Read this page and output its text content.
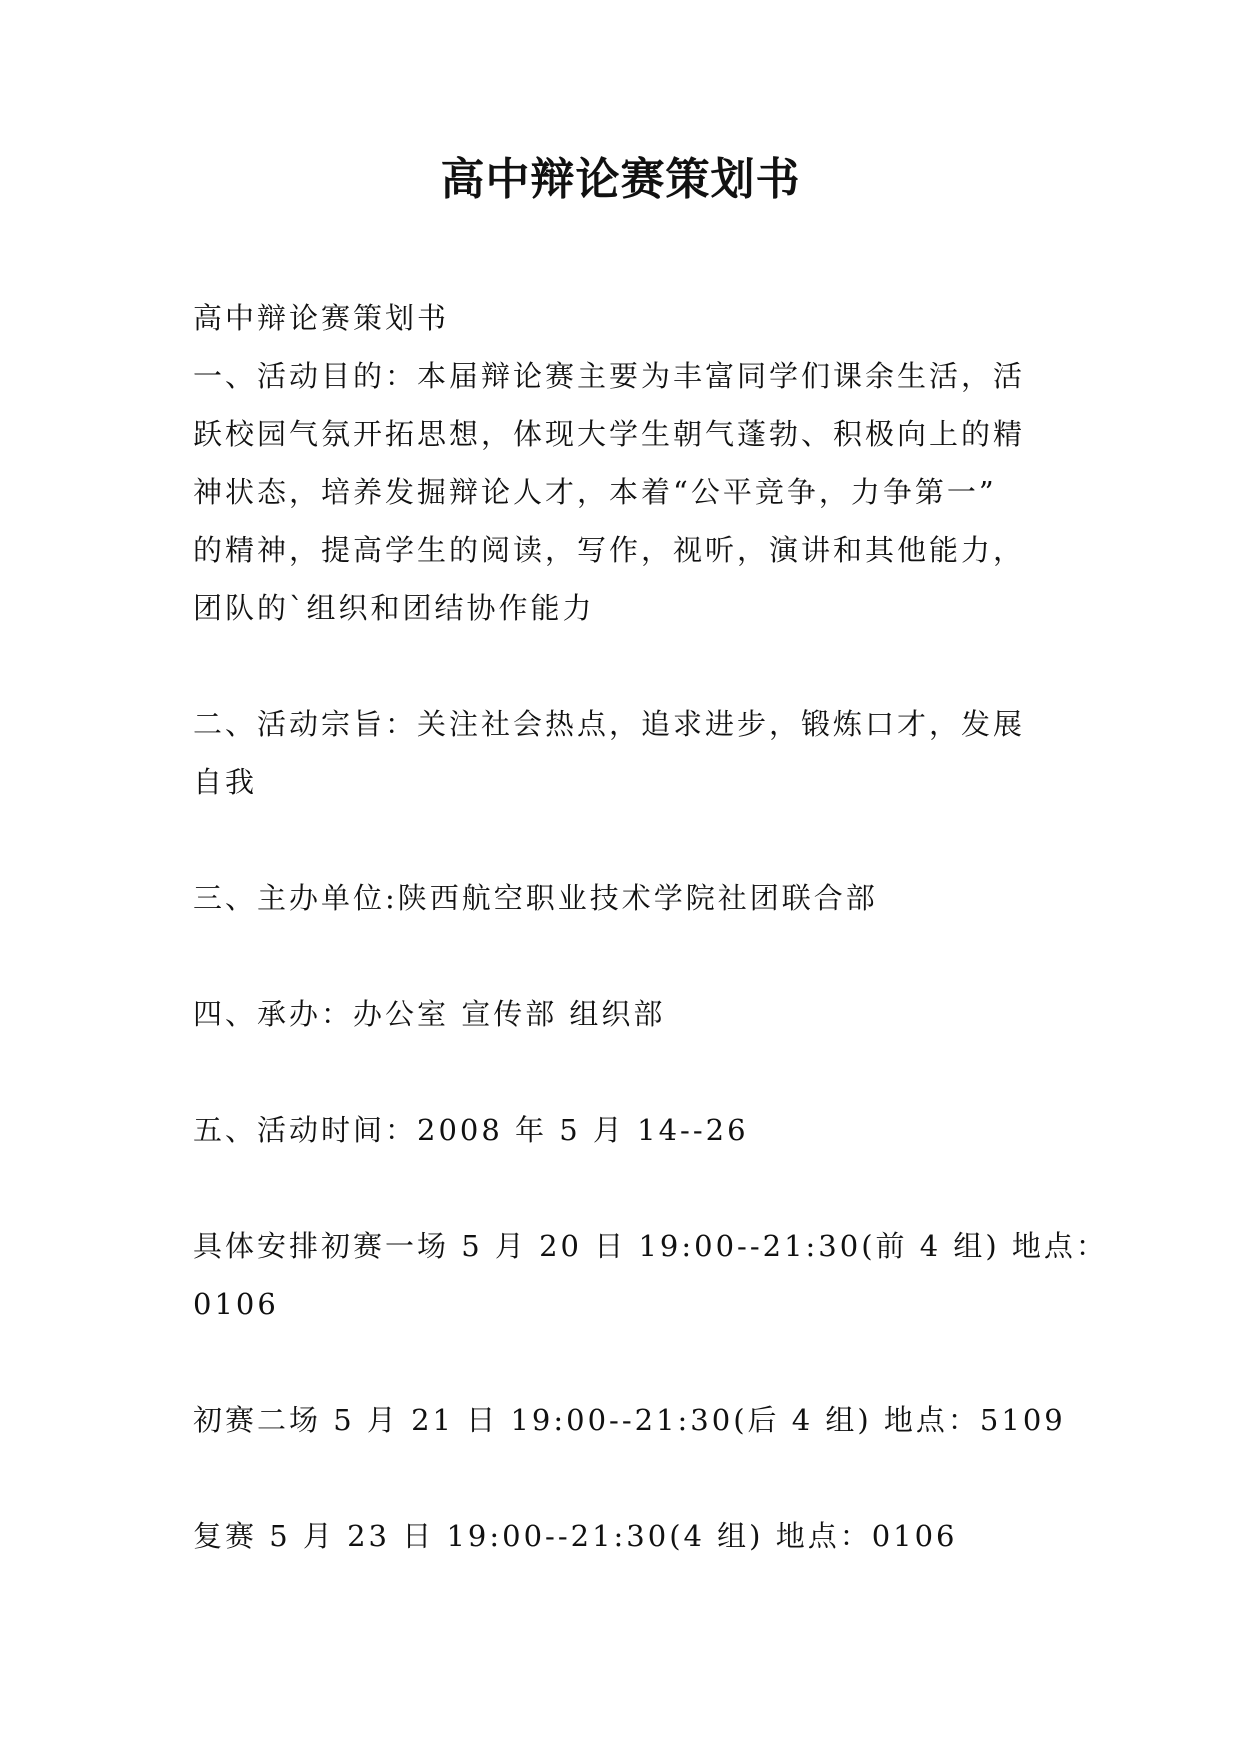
高中辩论赛策划书

高中辩论赛策划书

一、活动目的：本届辩论赛主要为丰富同学们课余生活，活
跃校园气氛开拓思想，体现大学生朝气蓬勃、积极向上的精
神状态，培养发掘辩论人才，本着“公平竞争，力争第一”
的精神，提高学生的阅读，写作，视听，演讲和其他能力，
团队的`组织和团结协作能力

二、活动宗旨：关注社会热点，追求进步，锻炼口才，发展
自我

三、主办单位:陕西航空职业技术学院社团联合部

四、承办：办公室 宣传部 组织部

五、活动时间：2008 年 5 月 14--26

具体安排初赛一场 5 月 20 日 19:00--21:30(前 4 组) 地点：
0106

初赛二场 5 月 21 日 19:00--21:30(后 4 组) 地点：5109

复赛 5 月 23 日 19:00--21:30(4 组) 地点：0106
